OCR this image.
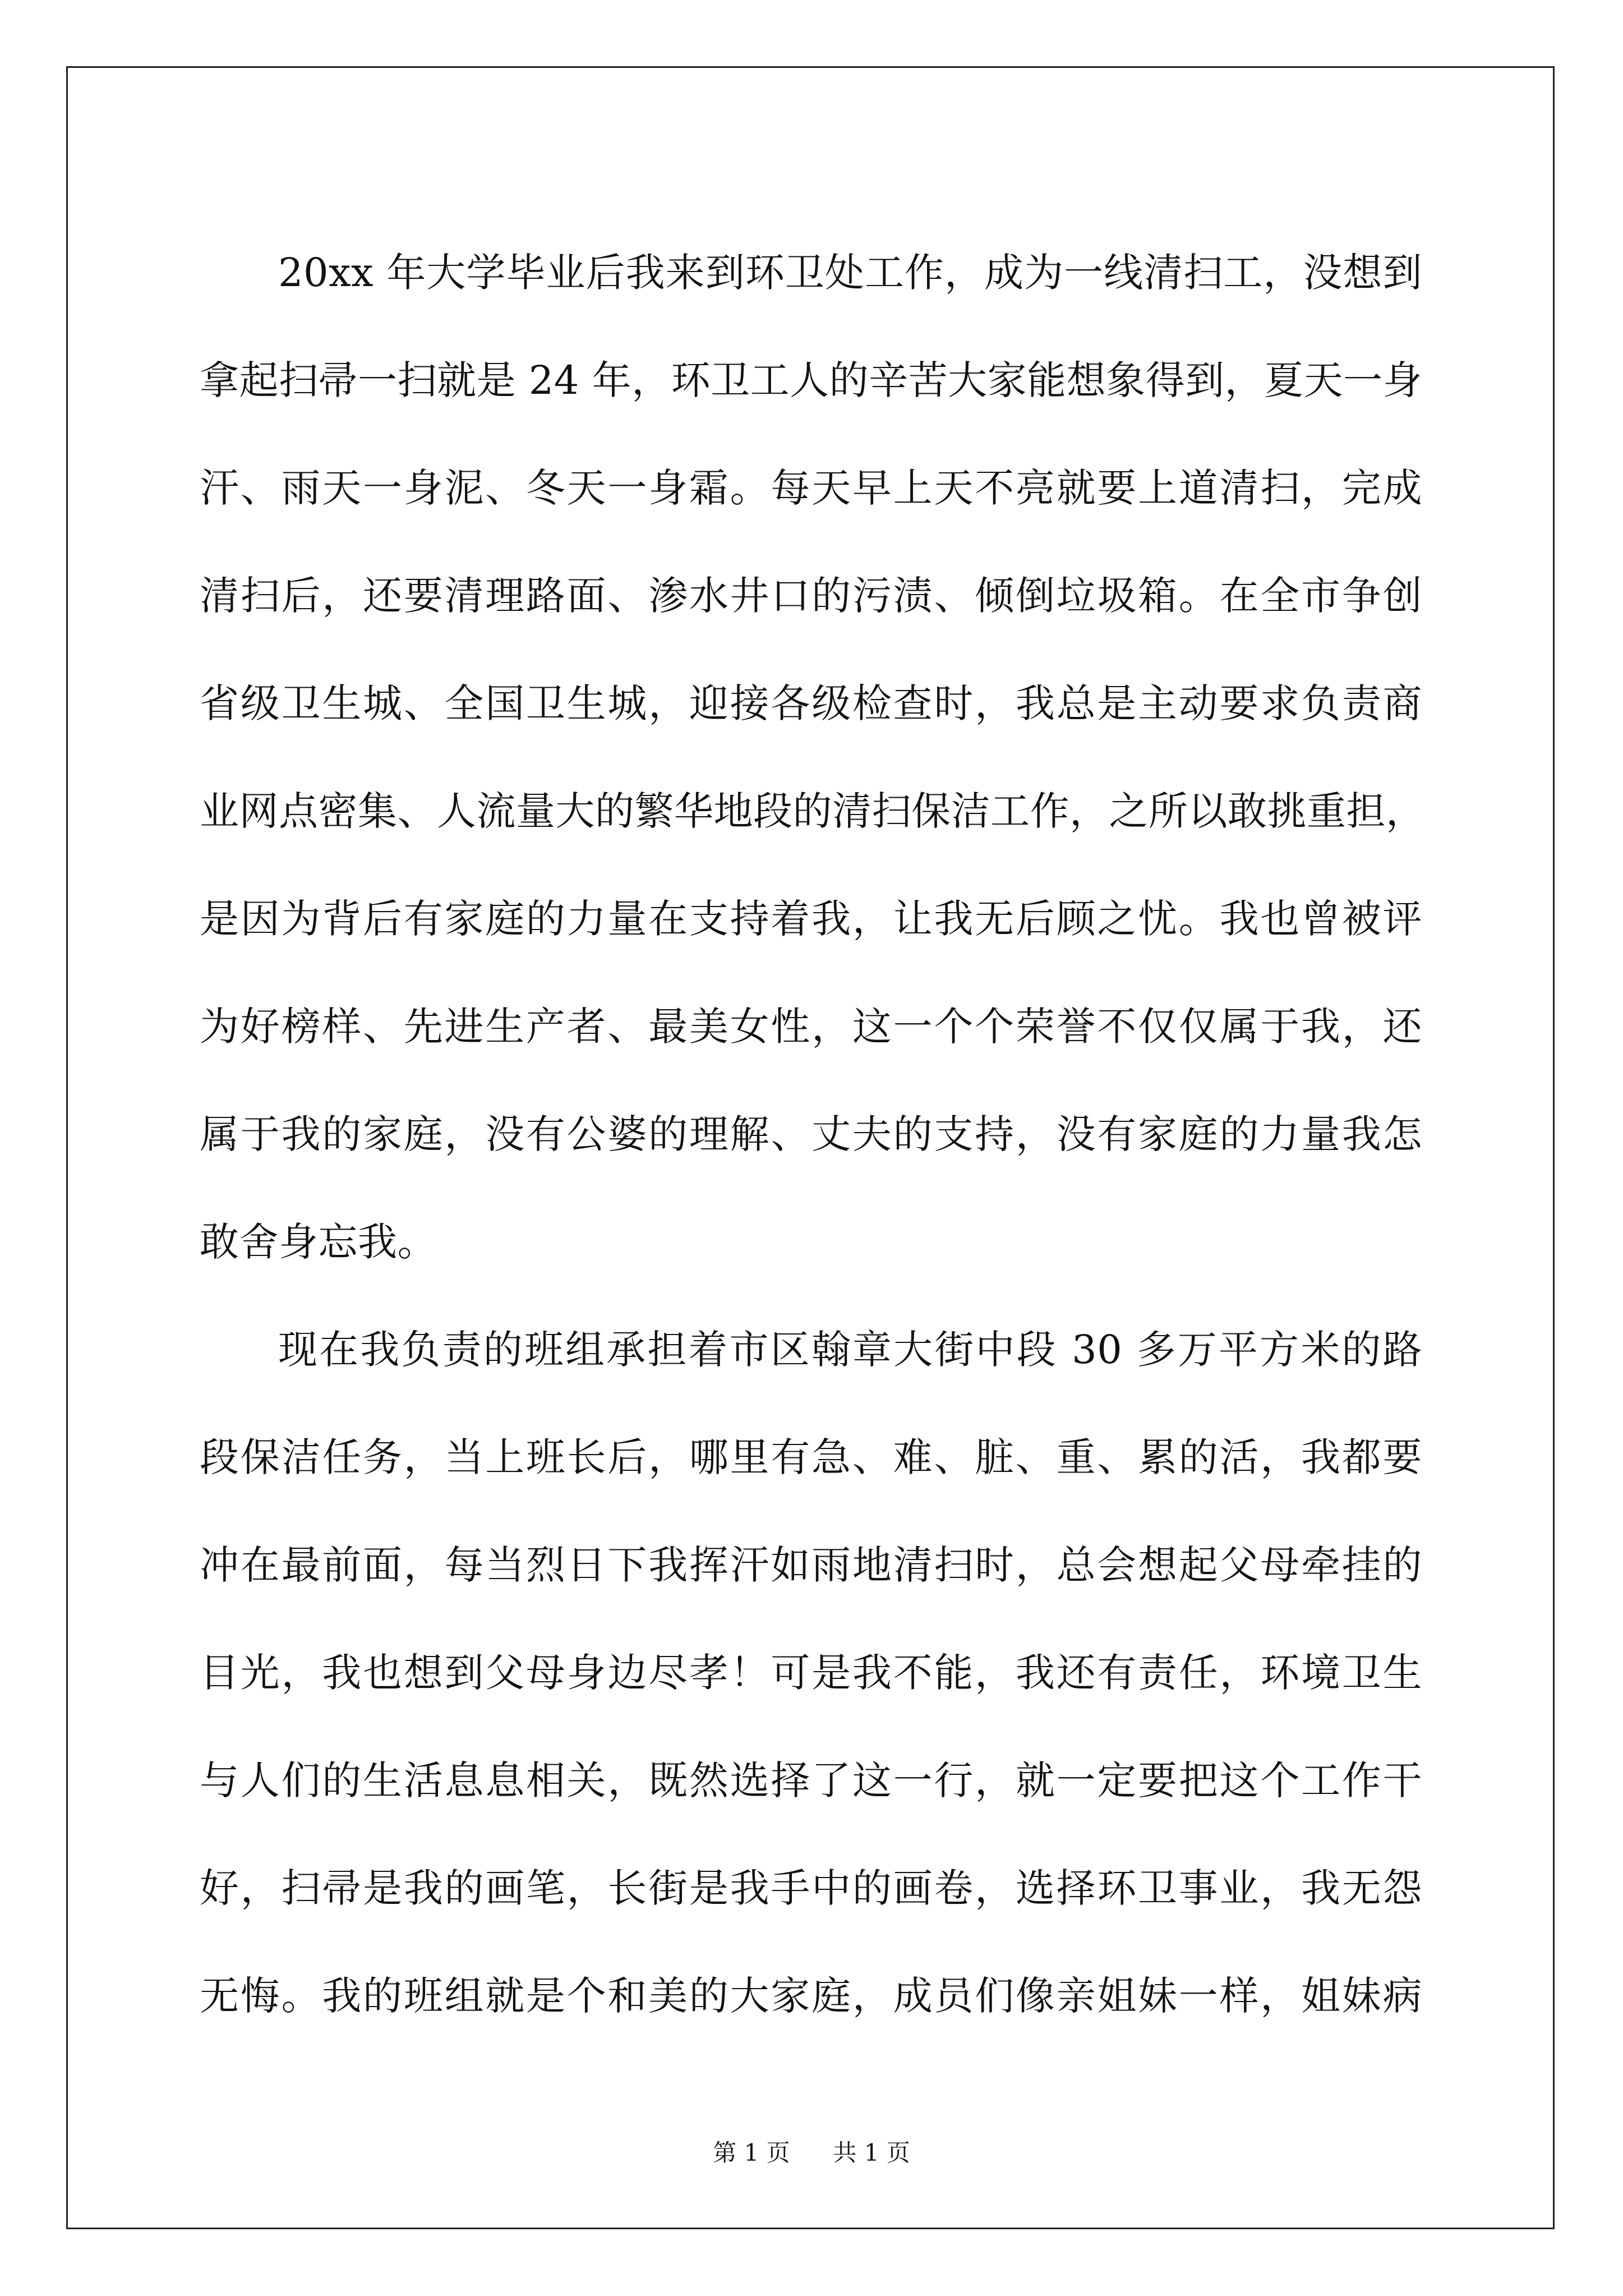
20xx 年大学毕业后我来到环卫处工作，成为一线清扫工，没想到
拿起扫帚一扫就是 24 年，环卫工人的辛苦大家能想象得到，夏天一身
汗、雨天一身泥、冬天一身霜。每天早上天不亮就要上道清扫，完成
清扫后，还要清理路面、渗水井口的污渍、倾倒垃圾箱。在全市争创
省级卫生城、全国卫生城，迎接各级检查时，我总是主动要求负责商
业网点密集、人流量大的繁华地段的清扫保洁工作，之所以敢挑重担，
是因为背后有家庭的力量在支持着我，让我无后顾之忧。我也曾被评
为好榜样、先进生产者、最美女性，这一个个荣誉不仅仅属于我，还
属于我的家庭，没有公婆的理解、丈夫的支持，没有家庭的力量我怎
敢舍身忘我。
现在我负责的班组承担着市区翰章大街中段 30 多万平方米的路
段保洁任务，当上班长后，哪里有急、难、脏、重、累的活，我都要
冲在最前面，每当烈日下我挥汗如雨地清扫时，总会想起父母牵挂的
目光，我也想到父母身边尽孝！可是我不能，我还有责任，环境卫生
与人们的生活息息相关，既然选择了这一行，就一定要把这个工作干
好，扫帚是我的画笔，长街是我手中的画卷，选择环卫事业，我无怨
无悔。我的班组就是个和美的大家庭，成员们像亲姐妹一样，姐妹病
第 1 页 共 1 页
